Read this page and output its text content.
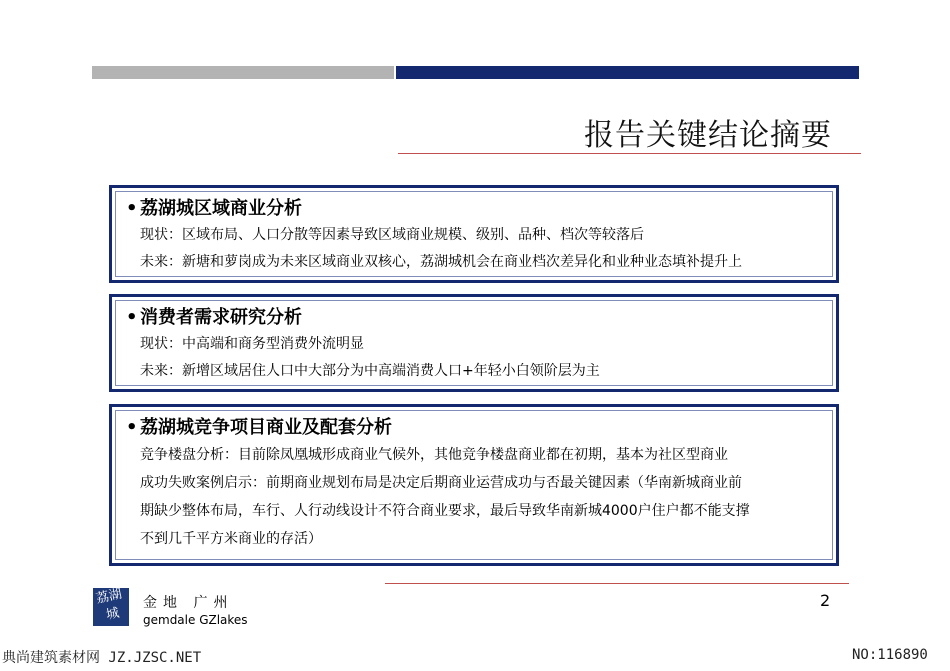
报告关键结论摘要
• 荔湖城区域商业分析
现状：区域布局、人口分散等因素导致区域商业规模、级别、品种、档次等较落后
未来：新塘和萝岗成为未来区域商业双核心，荔湖城机会在商业档次差异化和业种业态填补提升上
• 消费者需求研究分析
现状：中高端和商务型消费外流明显
未来：新增区域居住人口中大部分为中高端消费人口+年轻小白领阶层为主
• 荔湖城竞争项目商业及配套分析
竞争楼盘分析：目前除凤凰城形成商业气候外，其他竞争楼盘商业都在初期，基本为社区型商业
成功失败案例启示：前期商业规划布局是决定后期商业运营成功与否最关键因素（华南新城商业前
期缺少整体布局，车行、人行动线设计不符合商业要求，最后导致华南新城4000户住户都不能支撑
不到几千平方米商业的存活）
荔湖城
金地 广州
gemdale GZlakes
2
典尚建筑素材网 JZ.JZSC.NET	NO:116890
